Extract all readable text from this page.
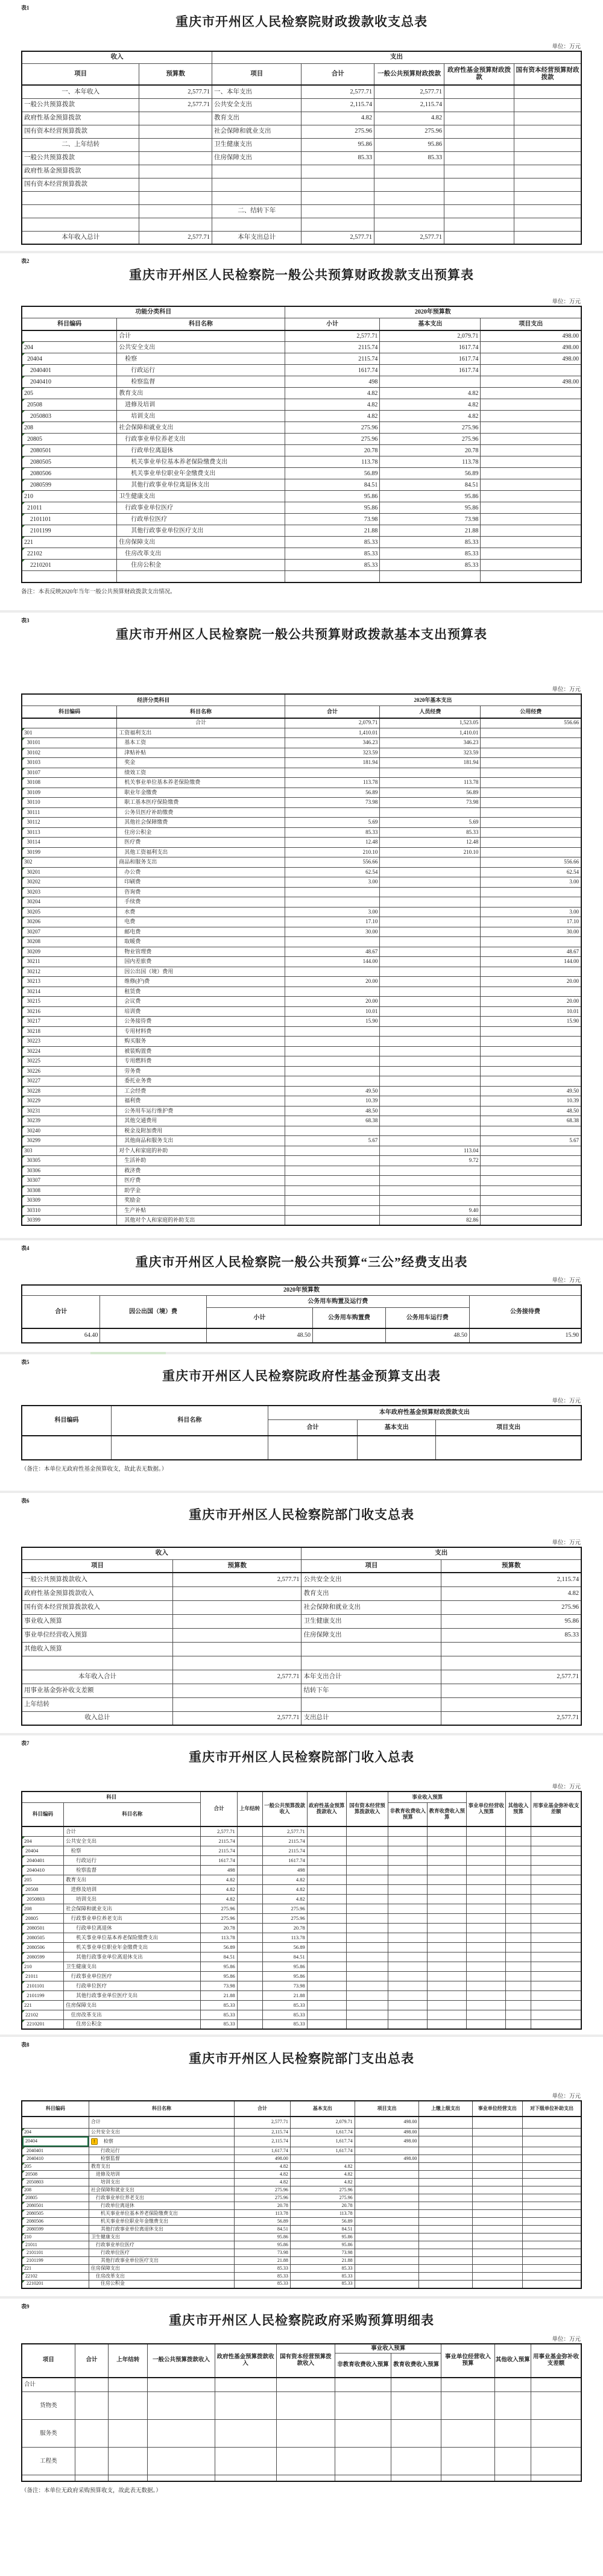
表1
重庆市开州区人民检察院财政拨款收支总表
单位：万元
收入		支出				
项目	预算数	项目	合计	一般公共预算财政拨款	政府性基金预算财政拨款	国有资本经营预算财政拨款
一、本年收入	2,577.71	一、本年支出	2,577.71	2,577.71		
一般公共预算拨款	2,577.71	公共安全支出	2,115.74	2,115.74		
政府性基金预算拨款		教育支出	4.82	4.82		
国有资本经营预算拨款		社会保障和就业支出	275.96	275.96		
二、上年结转		卫生健康支出	95.86	95.86		
一般公共预算拨款		住房保障支出	85.33	85.33		
政府性基金预算拨款						
国有资本经营预算拨款						

		二、结转下年				

本年收入总计	2,577.71	本年支出总计	2,577.71	2,577.71		
表2
重庆市开州区人民检察院一般公共预算财政拨款支出预算表
单位：万元
功能分类科目		2020年预算数		
科目编码	科目名称	小计	基本支出	项目支出
	合计	2,577.71	2,079.71	498.00
204	公共安全支出	2115.74	1617.74	498.00
20404	　检察	2115.74	1617.74	498.00
2040401	　　行政运行	1617.74	1617.74	
2040410	　　检察监督	498		498.00
205	教育支出	4.82	4.82	
20508	　进修及培训	4.82	4.82	
2050803	　　培训支出	4.82	4.82	
208	社会保障和就业支出	275.96	275.96	
20805	　行政事业单位养老支出	275.96	275.96	
2080501	　　行政单位离退休	20.78	20.78	
2080505	　　机关事业单位基本养老保险缴费支出	113.78	113.78	
2080506	　　机关事业单位职业年金缴费支出	56.89	56.89	
2080599	　　其他行政事业单位离退休支出	84.51	84.51	
210	卫生健康支出	95.86	95.86	
21011	　行政事业单位医疗	95.86	95.86	
2101101	　　行政单位医疗	73.98	73.98	
2101199	　　其他行政事业单位医疗支出	21.88	21.88	
221	住房保障支出	85.33	85.33	
22102	　住房改革支出	85.33	85.33	
2210201	　　住房公积金	85.33	85.33	

备注：本表反映2020年当年一般公共预算财政拨款支出情况。
表3
重庆市开州区人民检察院一般公共预算财政拨款基本支出预算表
单位：万元
经济分类科目		2020年基本支出		
科目编码	科目名称	合计	人员经费	公用经费
	合计	2,079.71	1,523.05	556.66
301	工资福利支出	1,410.01	1,410.01	
30101	　基本工资	346.23	346.23	
30102	　津贴补贴	323.59	323.59	
30103	　奖金	181.94	181.94	
30107	　绩效工资			
30108	　机关事业单位基本养老保险缴费	113.78	113.78	
30109	　职业年金缴费	56.89	56.89	
30110	　职工基本医疗保险缴费	73.98	73.98	
30111	　公务员医疗补助缴费			
30112	　其他社会保障缴费	5.69	5.69	
30113	　住房公积金	85.33	85.33	
30114	　医疗费	12.48	12.48	
30199	　其他工资福利支出	210.10	210.10	
302	商品和服务支出	556.66		556.66
30201	　办公费	62.54		62.54
30202	　印刷费	3.00		3.00
30203	　咨询费			
30204	　手续费			
30205	　水费	3.00		3.00
30206	　电费	17.10		17.10
30207	　邮电费	30.00		30.00
30208	　取暖费			
30209	　物业管理费	48.67		48.67
30211	　国内差旅费	144.00		144.00
30212	　因公出国（境）费用			
30213	　维修(护)费	20.00		20.00
30214	　租赁费			
30215	　会议费	20.00		20.00
30216	　培训费	10.01		10.01
30217	　公务接待费	15.90		15.90
30218	　专用材料费			
30223	　购买服务			
30224	　被装购置费			
30225	　专用燃料费			
30226	　劳务费			
30227	　委托业务费			
30228	　工会经费	49.50		49.50
30229	　福利费	10.39		10.39
30231	　公务用车运行维护费	48.50		48.50
30239	　其他交通费用	68.38		68.38
30240	　税金及附加费用			
30299	　其他商品和服务支出	5.67		5.67
303	对个人和家庭的补助		113.04	
30305	　生活补助		9.72	
30306	　救济费			
30307	　医疗费			
30308	　助学金			
30309	　奖励金			
30310	　生产补贴		9.40	
30399	　其他对个人和家庭的补助支出		82.86	
表4
重庆市开州区人民检察院一般公共预算“三公”经费支出表
单位：万元
2020年预算数					
合计	因公出国（境）费	公务用车购置及运行费			公务接待费
		小计	公务用车购置费	公务用车运行费	
64.40		48.50		48.50	15.90
表5
重庆市开州区人民检察院政府性基金预算支出表
单位：万元
科目编码	科目名称	本年政府性基金预算财政拨款支出		
		合计	基本支出	项目支出

（备注：本单位无政府性基金预算收支，故此表无数据。）
表6
重庆市开州区人民检察院部门收支总表
单位：万元
收入		支出	
项目	预算数	项目	预算数
一般公共预算拨款收入	2,577.71	公共安全支出	2,115.74
政府性基金预算拨款收入		教育支出	4.82
国有资本经营预算拨款收入		社会保障和就业支出	275.96
事业收入预算		卫生健康支出	95.86
事业单位经营收入预算		住房保障支出	85.33
其他收入预算			

本年收入合计	2,577.71	本年支出合计	2,577.71
用事业基金弥补收支差额		结转下年	
上年结转			
收入总计	2,577.71	支出总计	2,577.71
表7
重庆市开州区人民检察院部门收入总表
单位：万元
科目		合计	上年结转	一般公共预算拨款收入	政府性基金预算拨款收入	国有资本经营预算拨款收入	事业收入预算		事业单位经营收入预算	其他收入预算	用事业基金弥补收支差额
科目编码	科目名称						非教育收费收入预算	教育收费收入预算			
	合计	2,577.71		2,577.71							
204	公共安全支出	2115.74		2115.74							
20404	　检察	2115.74		2115.74							
2040401	　　行政运行	1617.74		1617.74							
2040410	　　检察监督	498		498							
205	教育支出	4.82		4.82							
20508	　进修及培训	4.82		4.82							
2050803	　　培训支出	4.82		4.82							
208	社会保障和就业支出	275.96		275.96							
20805	　行政事业单位养老支出	275.96		275.96							
2080501	　　行政单位离退休	20.78		20.78							
2080505	　　机关事业单位基本养老保险缴费支出	113.78		113.78							
2080506	　　机关事业单位职业年金缴费支出	56.89		56.89							
2080599	　　其他行政事业单位离退休支出	84.51		84.51							
210	卫生健康支出	95.86		95.86							
21011	　行政事业单位医疗	95.86		95.86							
2101101	　　行政单位医疗	73.98		73.98							
2101199	　　其他行政事业单位医疗支出	21.88		21.88							
221	住房保障支出	85.33		85.33							
22102	　住房改革支出	85.33		85.33							
2210201	　　住房公积金	85.33		85.33							
表8
重庆市开州区人民检察院部门支出总表
单位：万元
科目编码	科目名称	合计	基本支出	项目支出	上缴上级支出	事业单位经营支出	对下级单位补助支出
	合计	2,577.71	2,079.71	498.00			
204	公共安全支出	2,115.74	1,617.74	498.00			
20404	!　检察	2,115.74	1,617.74	498.00			
2040401	　　行政运行	1,617.74	1,617.74				
2040410	　　检察监督	498.00		498.00			
205	教育支出	4.82	4.82				
20508	　进修及培训	4.82	4.82				
2050803	　　培训支出	4.82	4.82				
208	社会保障和就业支出	275.96	275.96				
20805	　行政事业单位养老支出	275.96	275.96				
2080501	　　行政单位离退休	20.78	20.78				
2080505	　　机关事业单位基本养老保险缴费支出	113.78	113.78				
2080506	　　机关事业单位职业年金缴费支出	56.89	56.89				
2080599	　　其他行政事业单位离退休支出	84.51	84.51				
210	卫生健康支出	95.86	95.86				
21011	　行政事业单位医疗	95.86	95.86				
2101101	　　行政单位医疗	73.98	73.98				
2101199	　　其他行政事业单位医疗支出	21.88	21.88				
221	住房保障支出	85.33	85.33				
22102	　住房改革支出	85.33	85.33				
2210201	　　住房公积金	85.33	85.33				
表9
重庆市开州区人民检察院政府采购预算明细表
单位：万元
项目	合计	上年结转	一般公共预算拨款收入	政府性基金预算拨款收入	国有资本经营预算拨款收入	事业收入预算		事业单位经营收入预算	其他收入预算	用事业基金弥补收支差额
						非教育收费收入预算	教育收费收入预算			
合计										
货物类										
服务类										
工程类										

（备注：本单位无政府采购预算收支，故此表无数据。）
